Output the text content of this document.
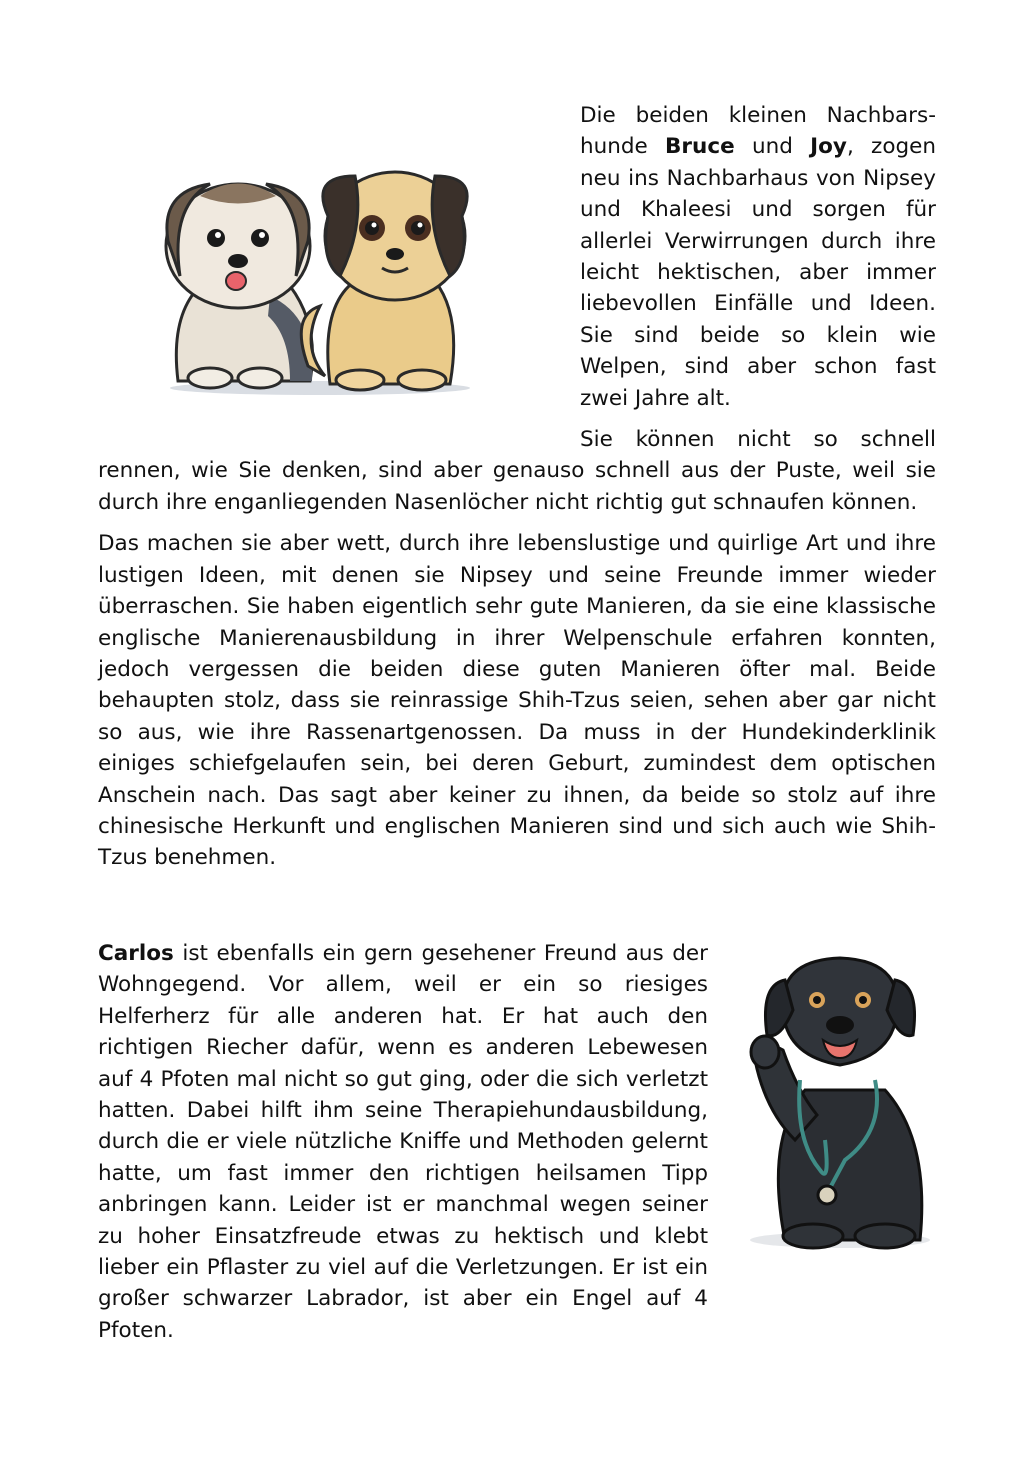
Die beiden kleinen Nachbarshunde Bruce und Joy, zogen neu ins Nachbarhaus von Nipsey und Khaleesi und sorgen für allerlei Verwirrungen durch ihre leicht hektischen, aber immer liebevollen Einfälle und Ideen. Sie sind beide so klein wie Welpen, sind aber schon fast zwei Jahre alt.

Sie können nicht so schnell rennen, wie Sie denken, sind aber genauso schnell aus der Puste, weil sie durch ihre enganliegenden Nasenlöcher nicht richtig gut schnaufen können.

Das machen sie aber wett, durch ihre lebenslustige und quirlige Art und ihre lustigen Ideen, mit denen sie Nipsey und seine Freunde immer wieder überraschen. Sie haben eigentlich sehr gute Manieren, da sie eine klassische englische Manierenausbildung in ihrer Welpenschule erfahren konnten, jedoch vergessen die beiden diese guten Manieren öfter mal. Beide behaupten stolz, dass sie reinrassige Shih-Tzus seien, sehen aber gar nicht so aus, wie ihre Rassenartgenossen. Da muss in der Hundekinderklinik einiges schiefgelaufen sein, bei deren Geburt, zumindest dem optischen Anschein nach. Das sagt aber keiner zu ihnen, da beide so stolz auf ihre chinesische Herkunft und englischen Manieren sind und sich auch wie Shih-Tzus benehmen.

Carlos ist ebenfalls ein gern gesehener Freund aus der Wohngegend. Vor allem, weil er ein so riesiges Helferherz für alle anderen hat. Er hat auch den richtigen Riecher dafür, wenn es anderen Lebewesen auf 4 Pfoten mal nicht so gut ging, oder die sich verletzt hatten. Dabei hilft ihm seine Therapiehundausbildung, durch die er viele nützliche Kniffe und Methoden gelernt hatte, um fast immer den richtigen heilsamen Tipp anbringen kann. Leider ist er manchmal wegen seiner zu hoher Einsatzfreude etwas zu hektisch und klebt lieber ein Pflaster zu viel auf die Verletzungen. Er ist ein großer schwarzer Labrador, ist aber ein Engel auf 4 Pfoten.
